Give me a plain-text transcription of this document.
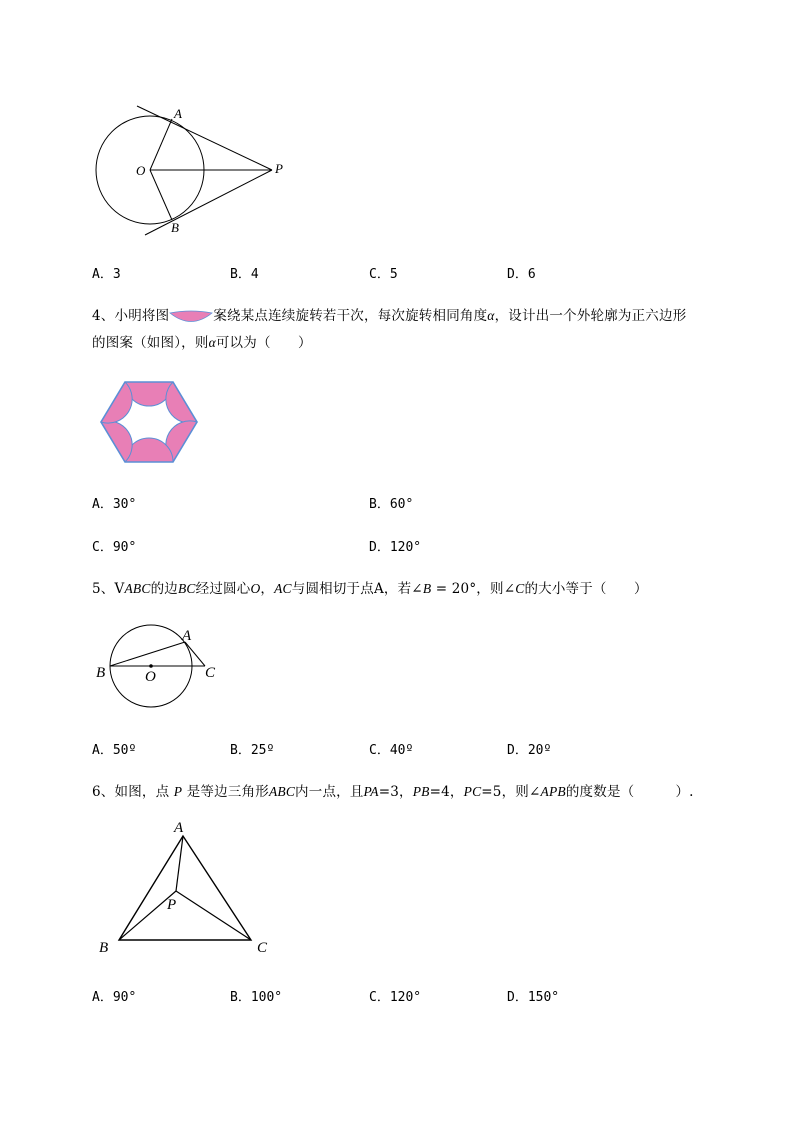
A
O	P
B
A．3	B．4	C．5	D．6
4、小明将图	案绕某点连续旋转若干次，每次旋转相同角度α，设计出一个外轮廓为正六边形
的图案（如图），则α可以为（　　）
A．30°	B．60°
C．90°	D．120°
5、VABC的边BC经过圆心O，AC与圆相切于点A，若∠B = 20°，则∠C的大小等于（　　）
A
B	O	C
A．50º	B．25º	C．40º	D．20º
6、如图，点 P 是等边三角形ABC内一点，且PA=3，PB=4，PC=5，则∠APB的度数是（　　　）.
A
P
B	C
A．90°	B．100°	C．120°	D．150°
